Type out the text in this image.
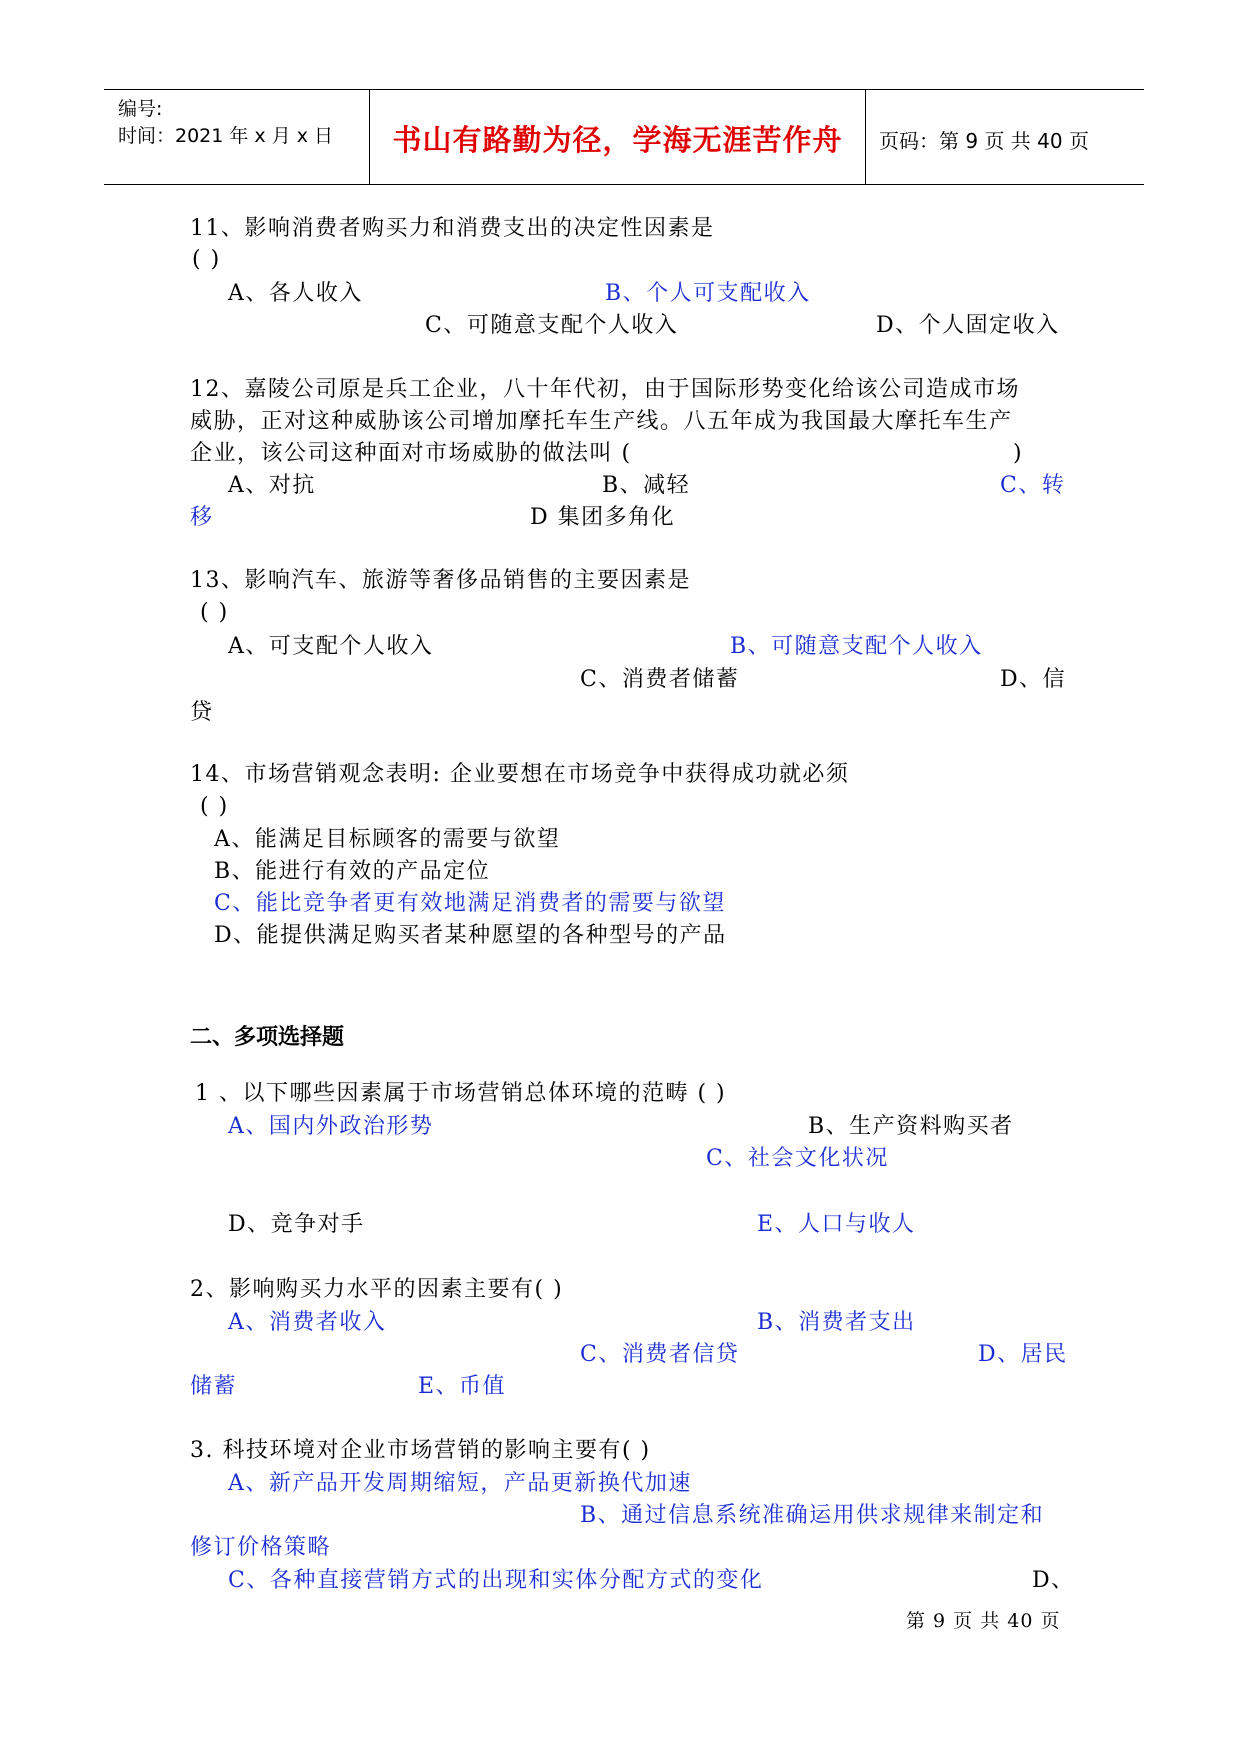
编号:
时间：2021 年 x 月 x 日	书山有路勤为径，学海无涯苦作舟	页码：第 9 页 共 40 页
11、影响消费者购买力和消费支出的决定性因素是
( )
A、各人收入	B、个人可支配收入
C、可随意支配个人收入	D、个人固定收入
12、嘉陵公司原是兵工企业，八十年代初，由于国际形势变化给该公司造成市场
威胁，正对这种威胁该公司增加摩托车生产线。八五年成为我国最大摩托车生产
企业，该公司这种面对市场威胁的做法叫 (	)
A、对抗	B、减轻	C、转
移	D 集团多角化
13、影响汽车、旅游等奢侈品销售的主要因素是
( )
A、可支配个人收入	B、可随意支配个人收入
C、消费者储蓄	D、信
贷
14、市场营销观念表明: 企业要想在市场竞争中获得成功就必须
( )
A、能满足目标顾客的需要与欲望
B、能进行有效的产品定位
C、能比竞争者更有效地满足消费者的需要与欲望
D、能提供满足购买者某种愿望的各种型号的产品
二、多项选择题
1 、以下哪些因素属于市场营销总体环境的范畴 ( )
A、国内外政治形势	B、生产资料购买者
C、社会文化状况
D、竞争对手	E、人口与收人
2、影响购买力水平的因素主要有( )
A、消费者收入	B、消费者支出
C、消费者信贷	D、居民
储蓄	E、币值
3. 科技环境对企业市场营销的影响主要有( )
A、新产品开发周期缩短，产品更新换代加速
B、通过信息系统准确运用供求规律来制定和
修订价格策略
C、各种直接营销方式的出现和实体分配方式的变化	D、
第 9 页 共 40 页
